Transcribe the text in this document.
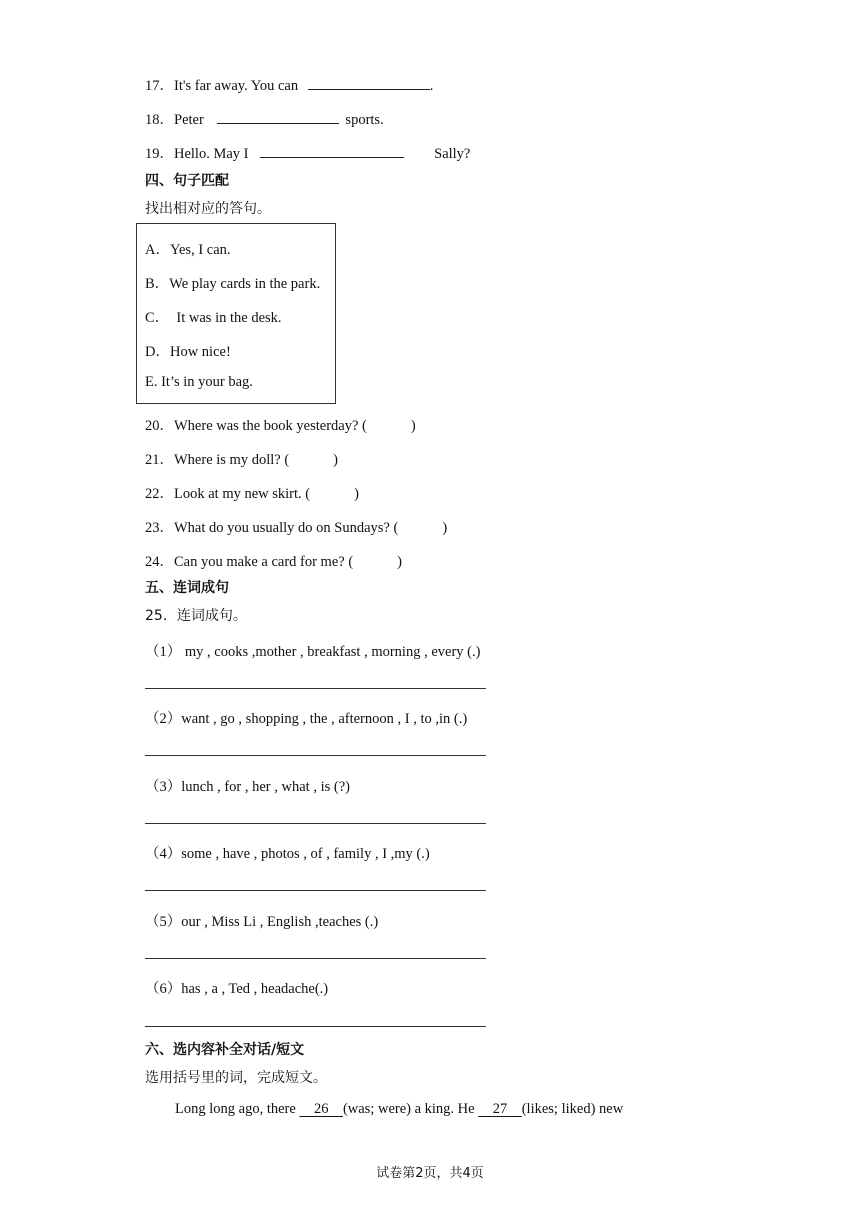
17．It's far away. You can	.
18．Peter	sports.
19．Hello. May I	Sally?
四、句子匹配
找出相对应的答句。
A．Yes, I can.
B．We play cards in the park.
C．  It was in the desk.
D．How nice!
E. It’s in your bag.
20．Where was the book yesterday? (	)
21．Where is my doll? (	)
22．Look at my new skirt. (	)
23．What do you usually do on Sundays? (	)
24．Can you make a card for me? (	)
五、连词成句
25．连词成句。
（1） my , cooks ,mother , breakfast , morning , every (.)
（2）want , go , shopping , the , afternoon , I , to ,in (.)
（3）lunch , for , her , what , is (?)
（4）some , have , photos , of , family , I ,my (.)
（5）our , Miss Li , English ,teaches (.)
（6）has , a , Ted , headache(.)
六、选内容补全对话/短文
选用括号里的词，完成短文。
Long long ago, there 26 (was; were) a king. He 27 (likes; liked) new
试卷第2页，共4页
